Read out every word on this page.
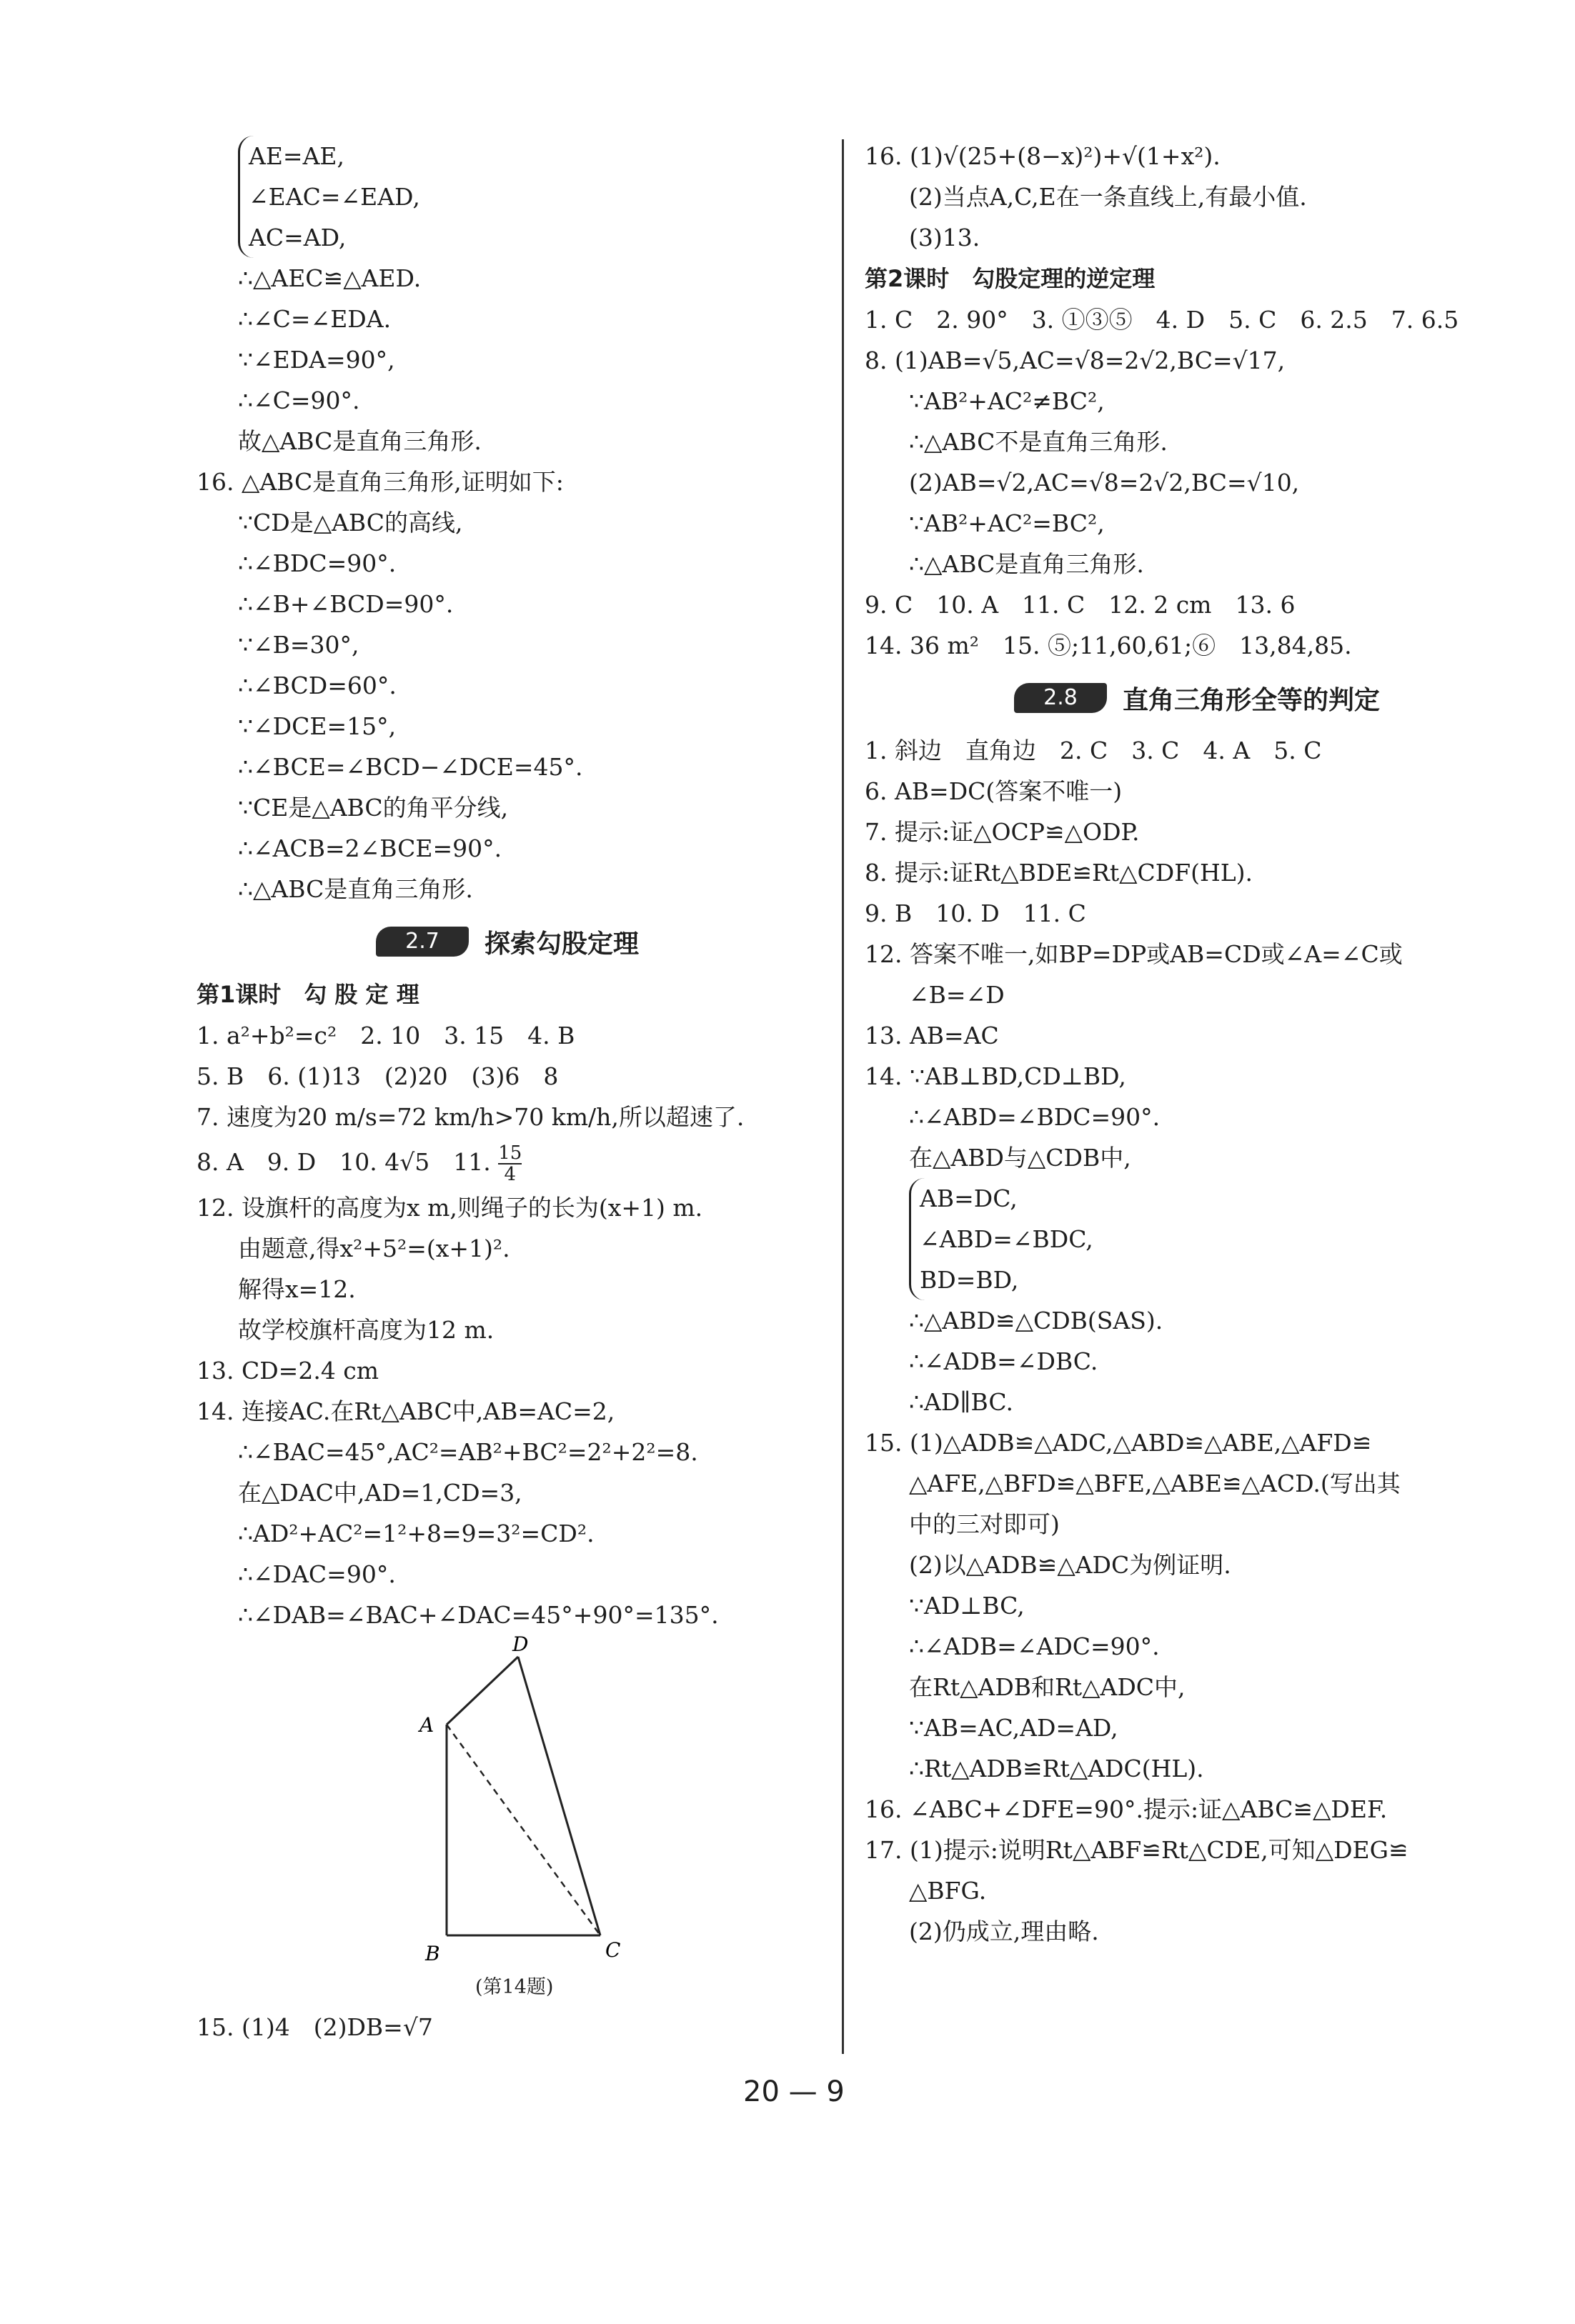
AE=AE,
∠EAC=∠EAD,
AC=AD,
∴△AEC≌△AED.
∴∠C=∠EDA.
∵∠EDA=90°,
∴∠C=90°.
故△ABC是直角三角形.
16. △ABC是直角三角形,证明如下:
∵CD是△ABC的高线,
∴∠BDC=90°.
∴∠B+∠BCD=90°.
∵∠B=30°,
∴∠BCD=60°.
∵∠DCE=15°,
∴∠BCE=∠BCD−∠DCE=45°.
∵CE是△ABC的角平分线,
∴∠ACB=2∠BCE=90°.
∴△ABC是直角三角形.
2.7	探索勾股定理
第1课时　勾 股 定 理
1. a²+b²=c²　2. 10　3. 15　4. B
5. B　6. (1)13　(2)20　(3)6　8
7. 速度为20 m/s=72 km/h>70 km/h,所以超速了.
8. A　9. D　10. 4√5　11. $\frac{15}{4}$
12. 设旗杆的高度为x m,则绳子的长为(x+1) m.
由题意,得x²+5²=(x+1)².
解得x=12.
故学校旗杆高度为12 m.
13. CD=2.4 cm
14. 连接AC.在Rt△ABC中,AB=AC=2,
∴∠BAC=45°,AC²=AB²+BC²=2²+2²=8.
在△DAC中,AD=1,CD=3,
∴AD²+AC²=1²+8=9=3²=CD².
∴∠DAC=90°.
∴∠DAB=∠BAC+∠DAC=45°+90°=135°.
D
A
B	C
(第14题)
15. (1)4　(2)DB=√7
16. (1)√(25+(8−x)²)+√(1+x²).
(2)当点A,C,E在一条直线上,有最小值.
(3)13.
第2课时　勾股定理的逆定理
1. C　2. 90°　3. ①③⑤　4. D　5. C　6. 2.5　7. 6.5
8. (1)AB=√5,AC=√8=2√2,BC=√17,
∵AB²+AC²≠BC²,
∴△ABC不是直角三角形.
(2)AB=√2,AC=√8=2√2,BC=√10,
∵AB²+AC²=BC²,
∴△ABC是直角三角形.
9. C　10. A　11. C　12. 2 cm　13. 6
14. 36 m²　15. ⑤;11,60,61;⑥　13,84,85.
2.8	直角三角形全等的判定
1. 斜边　直角边　2. C　3. C　4. A　5. C
6. AB=DC(答案不唯一)
7. 提示:证△OCP≌△ODP.
8. 提示:证Rt△BDE≌Rt△CDF(HL).
9. B　10. D　11. C
12. 答案不唯一,如BP=DP或AB=CD或∠A=∠C或
∠B=∠D
13. AB=AC
14. ∵AB⊥BD,CD⊥BD,
∴∠ABD=∠BDC=90°.
在△ABD与△CDB中,
AB=DC,
∠ABD=∠BDC,
BD=BD,
∴△ABD≌△CDB(SAS).
∴∠ADB=∠DBC.
∴AD∥BC.
15. (1)△ADB≌△ADC,△ABD≌△ABE,△AFD≌
△AFE,△BFD≌△BFE,△ABE≌△ACD.(写出其
中的三对即可)
(2)以△ADB≌△ADC为例证明.
∵AD⊥BC,
∴∠ADB=∠ADC=90°.
在Rt△ADB和Rt△ADC中,
∵AB=AC,AD=AD,
∴Rt△ADB≌Rt△ADC(HL).
16. ∠ABC+∠DFE=90°.提示:证△ABC≌△DEF.
17. (1)提示:说明Rt△ABF≌Rt△CDE,可知△DEG≌
△BFG.
(2)仍成立,理由略.
20 — 9
